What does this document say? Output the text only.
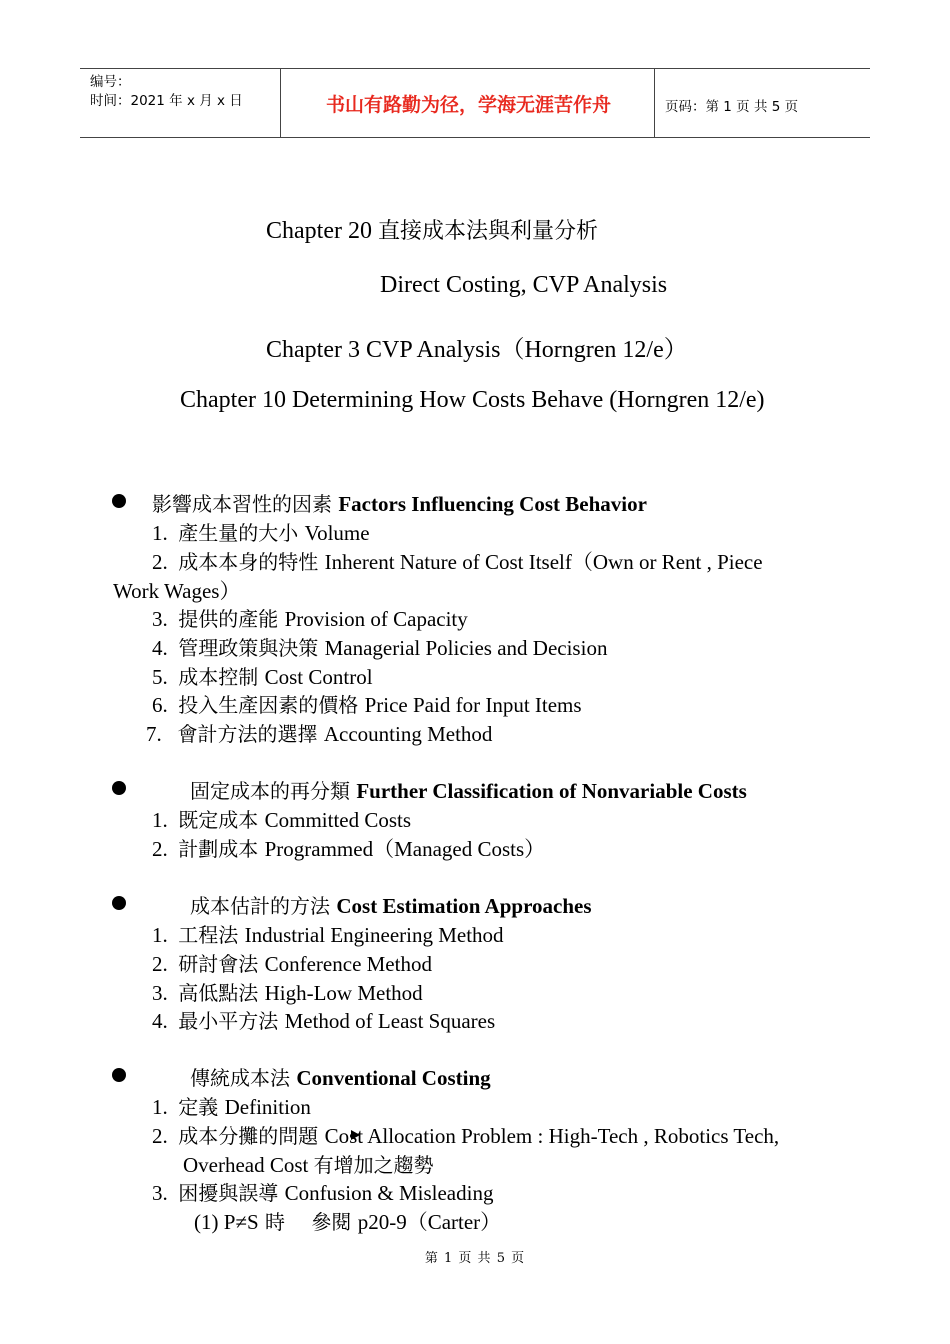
编号：
时间：2021 年 x 月 x 日	书山有路勤为径，学海无涯苦作舟	页码：第 1 页 共 5 页
Chapter 20 直接成本法與利量分析
Direct Costing, CVP Analysis
Chapter 3 CVP Analysis（Horngren 12/e）
Chapter 10 Determining How Costs Behave (Horngren 12/e)
影響成本習性的因素 Factors Influencing Cost Behavior
1. 產生量的大小 Volume
2. 成本本身的特性 Inherent Nature of Cost Itself（Own or Rent , Piece
Work Wages）
3. 提供的產能 Provision of Capacity
4. 管理政策與決策 Managerial Policies and Decision
5. 成本控制 Cost Control
6. 投入生產因素的價格 Price Paid for Input Items
7. 會計方法的選擇 Accounting Method
固定成本的再分類 Further Classification of Nonvariable Costs
1. 既定成本 Committed Costs
2. 計劃成本 Programmed（Managed Costs）
成本估計的方法 Cost Estimation Approaches
1. 工程法 Industrial Engineering Method
2. 研討會法 Conference Method
3. 高低點法 High-Low Method
4. 最小平方法 Method of Least Squares
傳統成本法 Conventional Costing
1. 定義 Definition
2. 成本分攤的問題 Cost Allocation Problem : High-Tech , Robotics Tech,
Overhead Cost 有增加之趨勢
3. 困擾與誤導 Confusion & Misleading
(1) P≠S 時　 參閱 p20-9（Carter）
第 1 页 共 5 页
